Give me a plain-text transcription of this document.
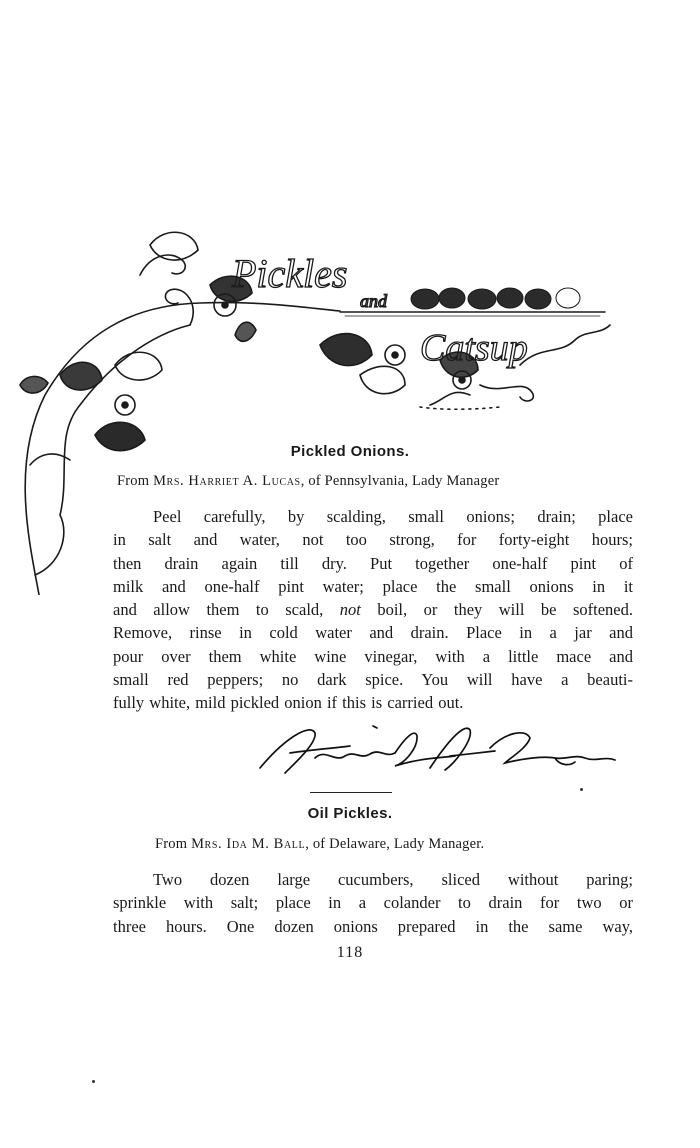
Pickles
and
Catsup
Pickled Onions.
From Mrs. Harriet A. Lucas, of Pennsylvania, Lady Manager
Peel carefully, by scalding, small onions; drain; place
in salt and water, not too strong, for forty-eight hours;
then drain again till dry. Put together one-half pint of
milk and one-half pint water; place the small onions in it
and allow them to scald, not boil, or they will be softened.
Remove, rinse in cold water and drain. Place in a jar and
pour over them white wine vinegar, with a little mace and
small red peppers; no dark spice. You will have a beauti-
fully white, mild pickled onion if this is carried out.
Oil Pickles.
From Mrs. Ida M. Ball, of Delaware, Lady Manager.
Two dozen large cucumbers, sliced without paring;
sprinkle with salt; place in a colander to drain for two or
three hours. One dozen onions prepared in the same way,
118
